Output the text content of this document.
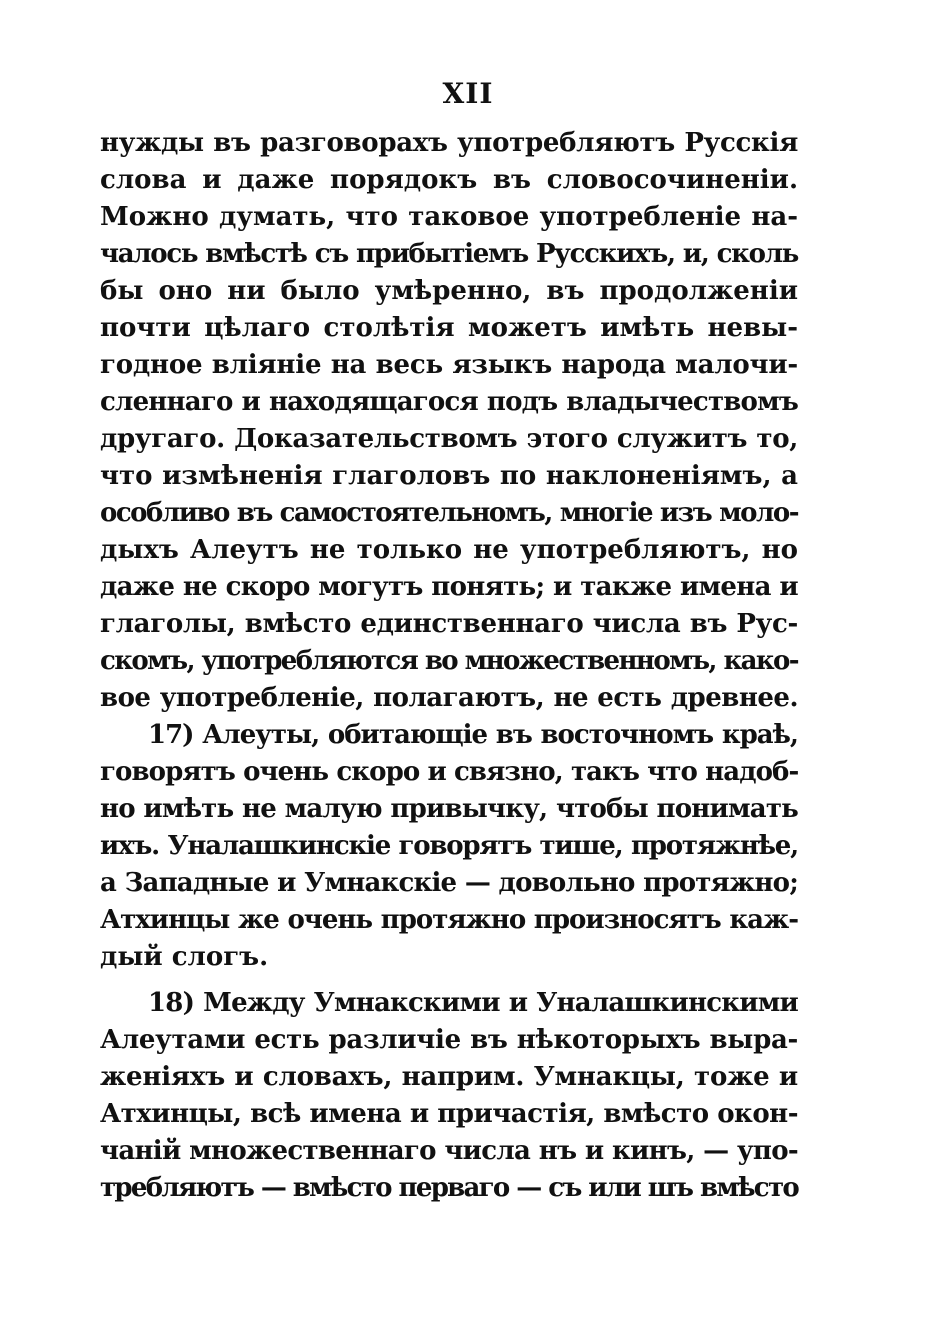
XII
нужды въ разговорахъ употребляютъ Русскія
слова и даже порядокъ въ словосочиненіи.
Можно думать, что таковое употребленіе на-
чалось вмѣстѣ съ прибытіемъ Русскихъ, и, сколь
бы оно ни было умѣренно, въ продолженіи
почти цѣлаго столѣтія можетъ имѣть невы-
годное вліяніе на весь языкъ народа малочи-
сленнаго и находящагося подъ владычествомъ
другаго. Доказательствомъ этого служитъ то,
что измѣненія глаголовъ по наклоненіямъ, а
особливо въ самостоятельномъ, многіе изъ моло-
дыхъ Алеутъ не только не употребляютъ, но
даже не скоро могутъ понять; и также имена и
глаголы, вмѣсто единственнаго числа въ Рус-
скомъ, употребляются во множественномъ, како-
вое употребленіе, полагаютъ, не есть древнее.
17) Алеуты, обитающіе въ восточномъ краѣ,
говорятъ очень скоро и связно, такъ что надоб-
но имѣть не малую привычку, чтобы понимать
ихъ. Уналашкинскіе говорятъ тише, протяжнѣе,
а Западные и Умнакскіе — довольно протяжно;
Атхинцы же очень протяжно произносятъ каж-
дый слогъ.
18) Между Умнакскими и Уналашкинскими
Алеутами есть различіе въ нѣкоторыхъ выра-
женіяхъ и словахъ, наприм. Умнакцы, тоже и
Атхинцы, всѣ имена и причастія, вмѣсто окон-
чаній множественнаго числа нъ и кинъ, — упо-
требляютъ — вмѣсто перваго — съ или шъ вмѣсто
